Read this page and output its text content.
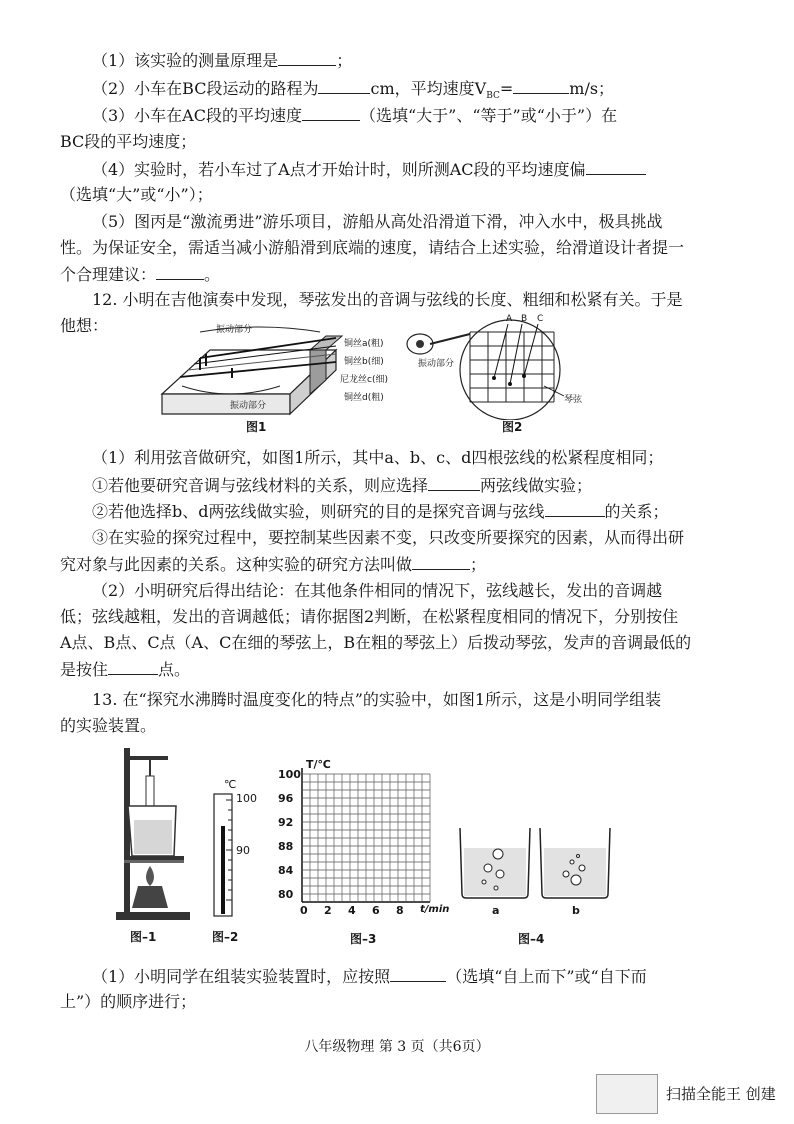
（1）该实验的测量原理是	；
（2）小车在BC段运动的路程为	cm，平均速度$V_{BC}=$	m/s；
（3）小车在AC段的平均速度	（选填“大于”、“等于”或“小于”）在
BC段的平均速度；
（4）实验时，若小车过了A点才开始计时，则所测AC段的平均速度偏
（选填“大”或“小”）；
（5）图丙是“激流勇进”游乐项目，游船从高处沿滑道下滑，冲入水中，极具挑战
性。为保证安全，需适当减小游船滑到底端的速度，请结合上述实验，给滑道设计者提一
个合理建议：	。
12. 小明在吉他演奏中发现，琴弦发出的音调与弦线的长度、粗细和松紧有关。于是
他想：	振动部分
振动部分
铜丝a(粗)
铜丝b(细)
尼龙丝c(细)
铜丝d(粗)
图1
A B C
振动部分
琴弦
图2
（1）利用弦音做研究，如图1所示，其中a、b、c、d四根弦线的松紧程度相同；
①若他要研究音调与弦线材料的关系，则应选择	两弦线做实验；
②若他选择b、d两弦线做实验，则研究的目的是探究音调与弦线	的关系；
③在实验的探究过程中，要控制某些因素不变，只改变所要探究的因素，从而得出研
究对象与此因素的关系。这种实验的研究方法叫做	；
（2）小明研究后得出结论：在其他条件相同的情况下，弦线越长，发出的音调越
低；弦线越粗，发出的音调越低；请你据图2判断，在松紧程度相同的情况下，分别按住
A点、B点、C点（A、C在细的琴弦上，B在粗的琴弦上）后拨动琴弦，发声的音调最低的
是按住	点。
13. 在“探究水沸腾时温度变化的特点”的实验中，如图1所示，这是小明同学组装
的实验装置。
图–1
℃
100
90
图–2
T/℃
100
96
92
88
84
80
0 2 4 6 8 t/min
图–3
a	b
图–4
（1）小明同学在组装实验装置时，应按照	（选填“自上而下”或“自下而
上”）的顺序进行；
八年级物理 第 3 页（共6页）
扫描全能王 创建
